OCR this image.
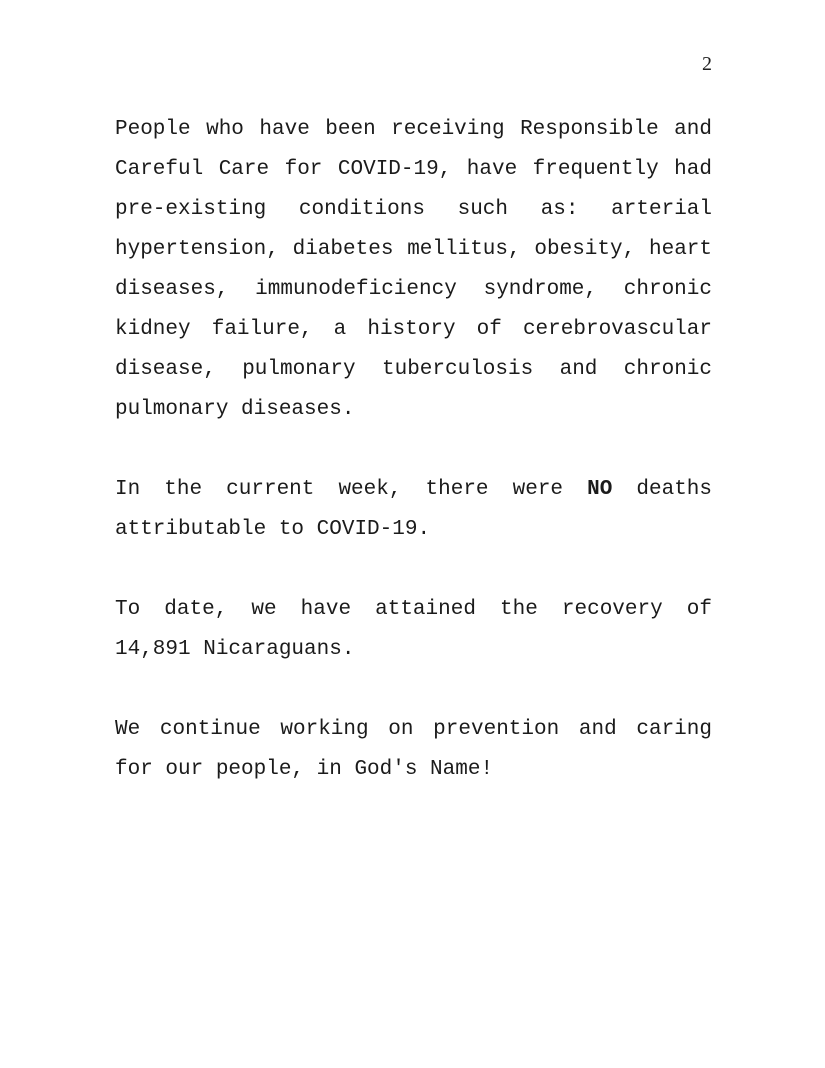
2

People who have been receiving Responsible and Careful Care for COVID-19, have frequently had pre-existing conditions such as: arterial hypertension, diabetes mellitus, obesity, heart diseases, immunodeficiency syndrome, chronic kidney failure, a history of cerebrovascular disease, pulmonary tuberculosis and chronic pulmonary diseases.

In the current week, there were NO deaths attributable to COVID-19.

To date, we have attained the recovery of 14,891 Nicaraguans.

We continue working on prevention and caring for our people, in God's Name!
